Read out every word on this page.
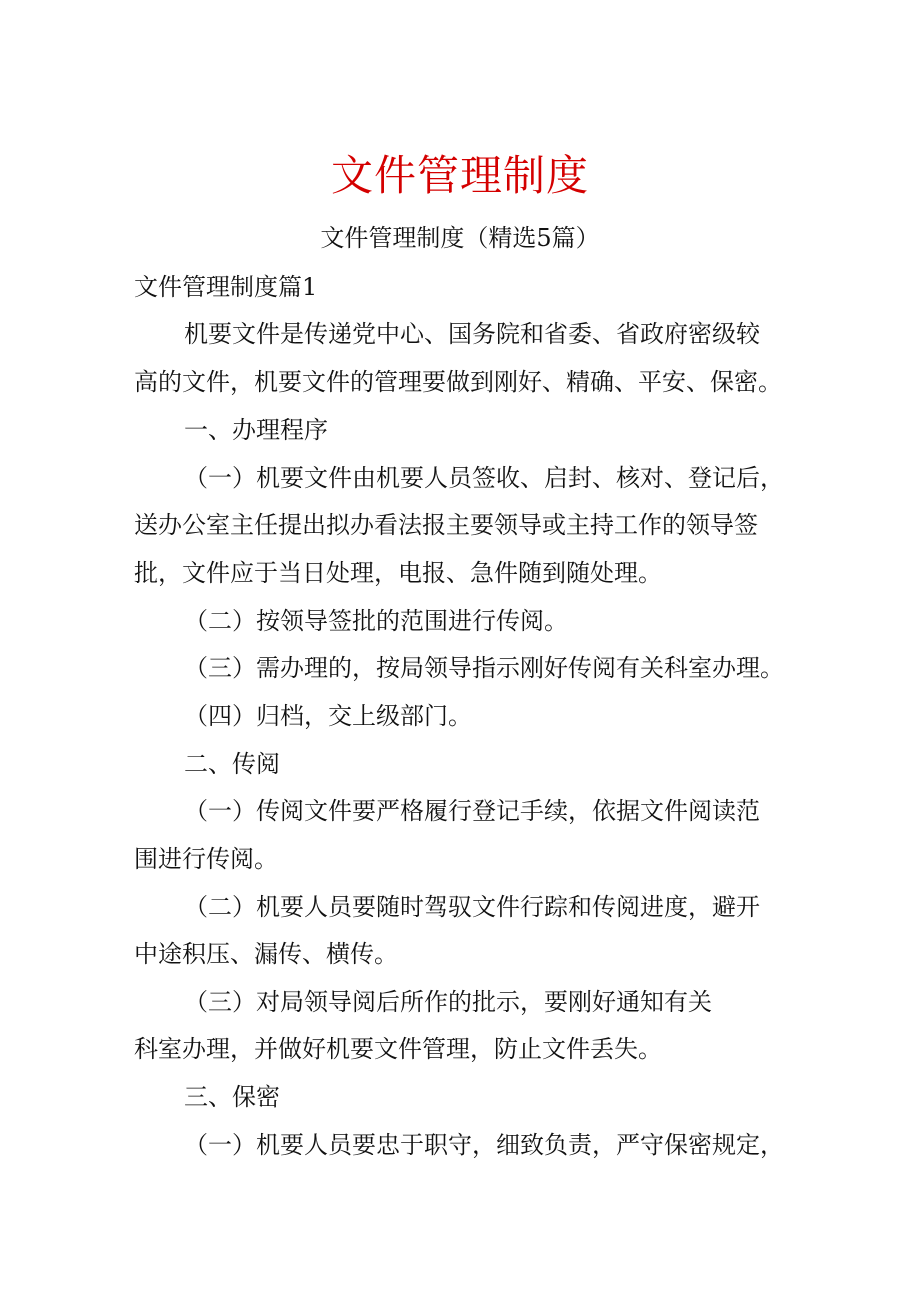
文件管理制度
文件管理制度（精选5篇）
文件管理制度篇1
机要文件是传递党中心、国务院和省委、省政府密级较
高的文件，机要文件的管理要做到刚好、精确、平安、保密。
一、办理程序
（一）机要文件由机要人员签收、启封、核对、登记后，
送办公室主任提出拟办看法报主要领导或主持工作的领导签
批，文件应于当日处理，电报、急件随到随处理。
（二）按领导签批的范围进行传阅。
（三）需办理的，按局领导指示刚好传阅有关科室办理。
（四）归档，交上级部门。
二、传阅
（一）传阅文件要严格履行登记手续，依据文件阅读范
围进行传阅。
（二）机要人员要随时驾驭文件行踪和传阅进度，避开
中途积压、漏传、横传。
（三）对局领导阅后所作的批示，要刚好通知有关
科室办理，并做好机要文件管理，防止文件丢失。
三、保密
（一）机要人员要忠于职守，细致负责，严守保密规定，
